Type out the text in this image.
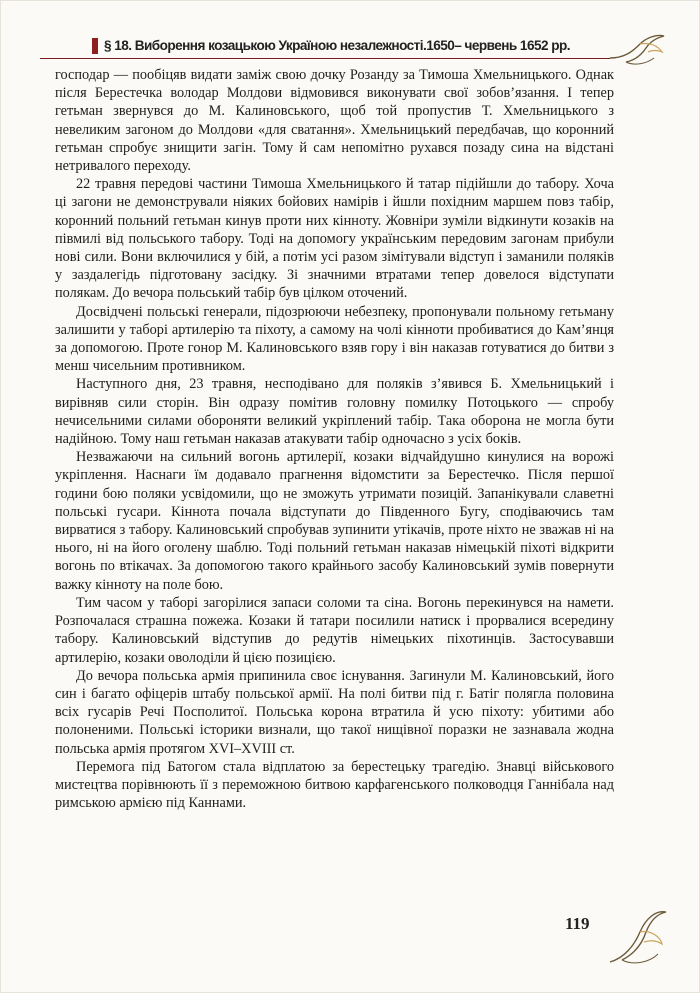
§ 18. Виборення козацькою Україною незалежності.1650– червень 1652 рр.

господар — пообіцяв видати заміж свою дочку Розанду за Тимоша Хмельницького. Однак після Берестечка володар Молдови відмовився виконувати свої зобов’язання. І тепер гетьман звернувся до М. Калиновського, щоб той пропустив Т. Хмельницького з невеликим загоном до Молдови «для сватання». Хмельницький передбачав, що коронний гетьман спробує знищити загін. Тому й сам непомітно рухався позаду сина на відстані нетривалого переходу.

22 травня передові частини Тимоша Хмельницького й татар підійшли до табору. Хоча ці загони не демонстрували ніяких бойових намірів і йшли похідним маршем повз табір, коронний польний гетьман кинув проти них кінноту. Жовніри зуміли відкинути козаків на півмилі від польського табору. Тоді на допомогу українським передовим загонам прибули нові сили. Вони включилися у бій, а потім усі разом зімітували відступ і заманили поляків у заздалегідь підготовану засідку. Зі значними втратами тепер довелося відступати полякам. До вечора польський табір був цілком оточений.

Досвідчені польські генерали, підозрюючи небезпеку, пропонували польному гетьману залишити у таборі артилерію та піхоту, а самому на чолі кінноти пробиватися до Кам’янця за допомогою. Проте гонор М. Калиновського взяв гору і він наказав готуватися до битви з менш чисельним противником.

Наступного дня, 23 травня, несподівано для поляків з’явився Б. Хмельницький і вирівняв сили сторін. Він одразу помітив головну помилку Потоцького — спробу нечисельними силами обороняти великий укріплений табір. Така оборона не могла бути надійною. Тому наш гетьман наказав атакувати табір одночасно з усіх боків.

Незважаючи на сильний вогонь артилерії, козаки відчайдушно кинулися на ворожі укріплення. Наснаги їм додавало прагнення відомстити за Берестечко. Після першої години бою поляки усвідомили, що не зможуть утримати позицій. Запанікували славетні польські гусари. Кіннота почала відступати до Південного Бугу, сподіваючись там вирватися з табору. Калиновський спробував зупинити утікачів, проте ніхто не зважав ні на нього, ні на його оголену шаблю. Тоді польний гетьман наказав німецькій піхоті відкрити вогонь по втікачах. За допомогою такого крайнього засобу Калиновський зумів повернути важку кінноту на поле бою.

Тим часом у таборі загорілися запаси соломи та сіна. Вогонь перекинувся на намети. Розпочалася страшна пожежа. Козаки й татари посилили натиск і прорвалися всередину табору. Калиновський відступив до редутів німецьких піхотинців. Застосувавши артилерію, козаки оволоділи й цією позицією.

До вечора польська армія припинила своє існування. Загинули М. Калиновський, його син і багато офіцерів штабу польської армії. На полі битви під г. Батіг полягла половина всіх гусарів Речі Посполитої. Польська корона втратила й усю піхоту: убитими або полоненими. Польські історики визнали, що такої нищівної поразки не зазнавала жодна польська армія протягом XVI–XVIII ст.

Перемога під Батогом стала відплатою за берестецьку трагедію. Знавці військового мистецтва порівнюють її з переможною битвою карфагенського полководця Ганнібала над римською армією під Каннами.

119
